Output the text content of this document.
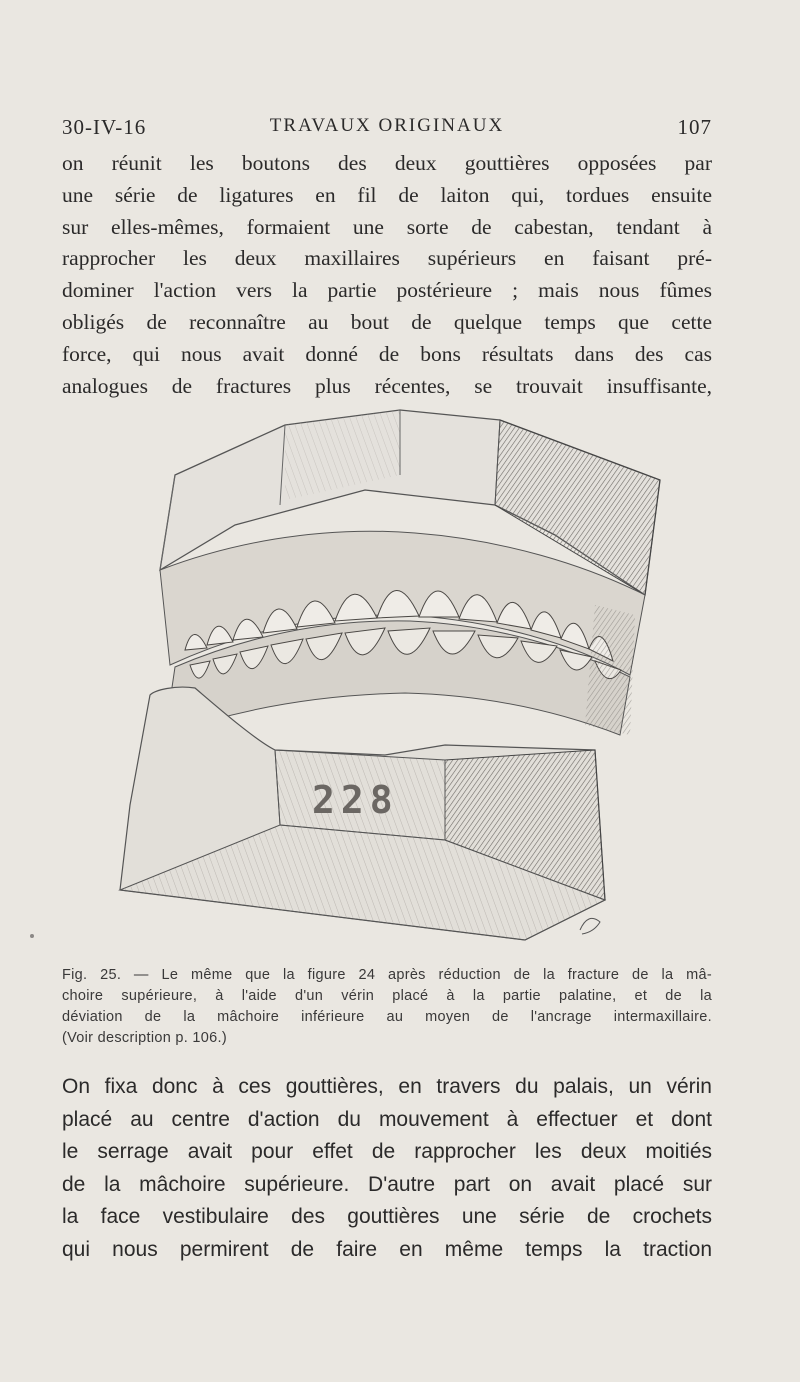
30-IV-16	TRAVAUX ORIGINAUX	107
on réunit les boutons des deux gouttières opposées par
une série de ligatures en fil de laiton qui, tordues ensuite
sur elles-mêmes, formaient une sorte de cabestan, tendant à
rapprocher les deux maxillaires supérieurs en faisant pré-
dominer l'action vers la partie postérieure ; mais nous fûmes
obligés de reconnaître au bout de quelque temps que cette
force, qui nous avait donné de bons résultats dans des cas
analogues de fractures plus récentes, se trouvait insuffisante,
228
Fig. 25. — Le même que la figure 24 après réduction de la fracture de la mâ-
choire supérieure, à l'aide d'un vérin placé à la partie palatine, et de la
déviation de la mâchoire inférieure au moyen de l'ancrage intermaxillaire.
(Voir description p. 106.)
On fixa donc à ces gouttières, en travers du palais, un vérin
placé au centre d'action du mouvement à effectuer et dont
le serrage avait pour effet de rapprocher les deux moitiés
de la mâchoire supérieure. D'autre part on avait placé sur
la face vestibulaire des gouttières une série de crochets
qui nous permirent de faire en même temps la traction
